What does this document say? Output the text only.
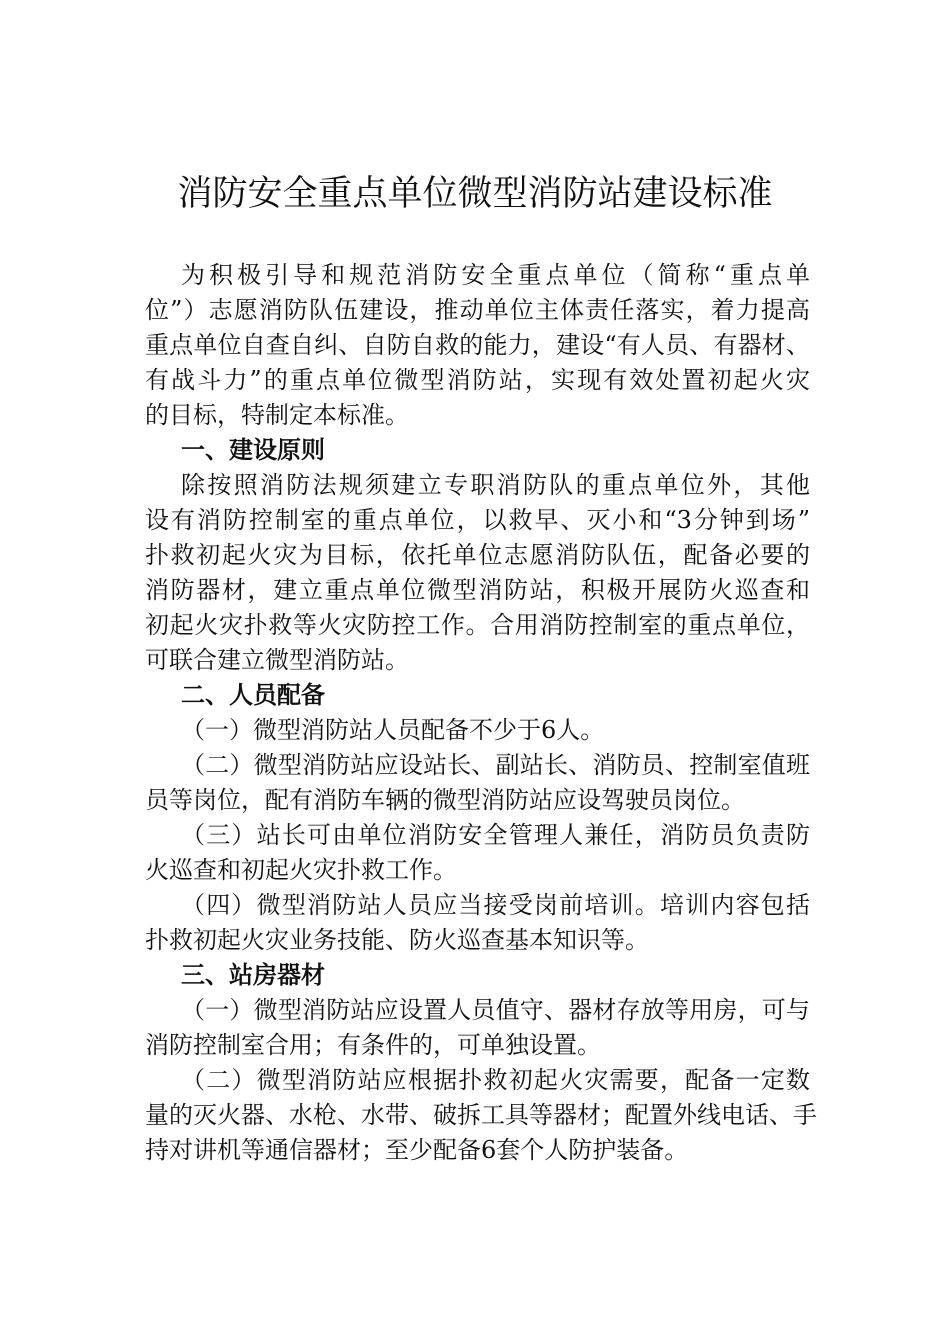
消防安全重点单位微型消防站建设标准
为积极引导和规范消防安全重点单位（简称“重点单
位”）志愿消防队伍建设，推动单位主体责任落实，着力提高
重点单位自查自纠、自防自救的能力，建设“有人员、有器材、
有战斗力”的重点单位微型消防站，实现有效处置初起火灾
的目标，特制定本标准。
一、建设原则
除按照消防法规须建立专职消防队的重点单位外，其他
设有消防控制室的重点单位，以救早、灭小和“3分钟到场”
扑救初起火灾为目标，依托单位志愿消防队伍，配备必要的
消防器材，建立重点单位微型消防站，积极开展防火巡查和
初起火灾扑救等火灾防控工作。合用消防控制室的重点单位，
可联合建立微型消防站。
二、人员配备
（一）微型消防站人员配备不少于6人。
（二）微型消防站应设站长、副站长、消防员、控制室值班
员等岗位，配有消防车辆的微型消防站应设驾驶员岗位。
（三）站长可由单位消防安全管理人兼任，消防员负责防
火巡查和初起火灾扑救工作。
（四）微型消防站人员应当接受岗前培训。培训内容包括
扑救初起火灾业务技能、防火巡查基本知识等。
三、站房器材
（一）微型消防站应设置人员值守、器材存放等用房，可与
消防控制室合用；有条件的，可单独设置。
（二）微型消防站应根据扑救初起火灾需要，配备一定数
量的灭火器、水枪、水带、破拆工具等器材；配置外线电话、手
持对讲机等通信器材；至少配备6套个人防护装备。
